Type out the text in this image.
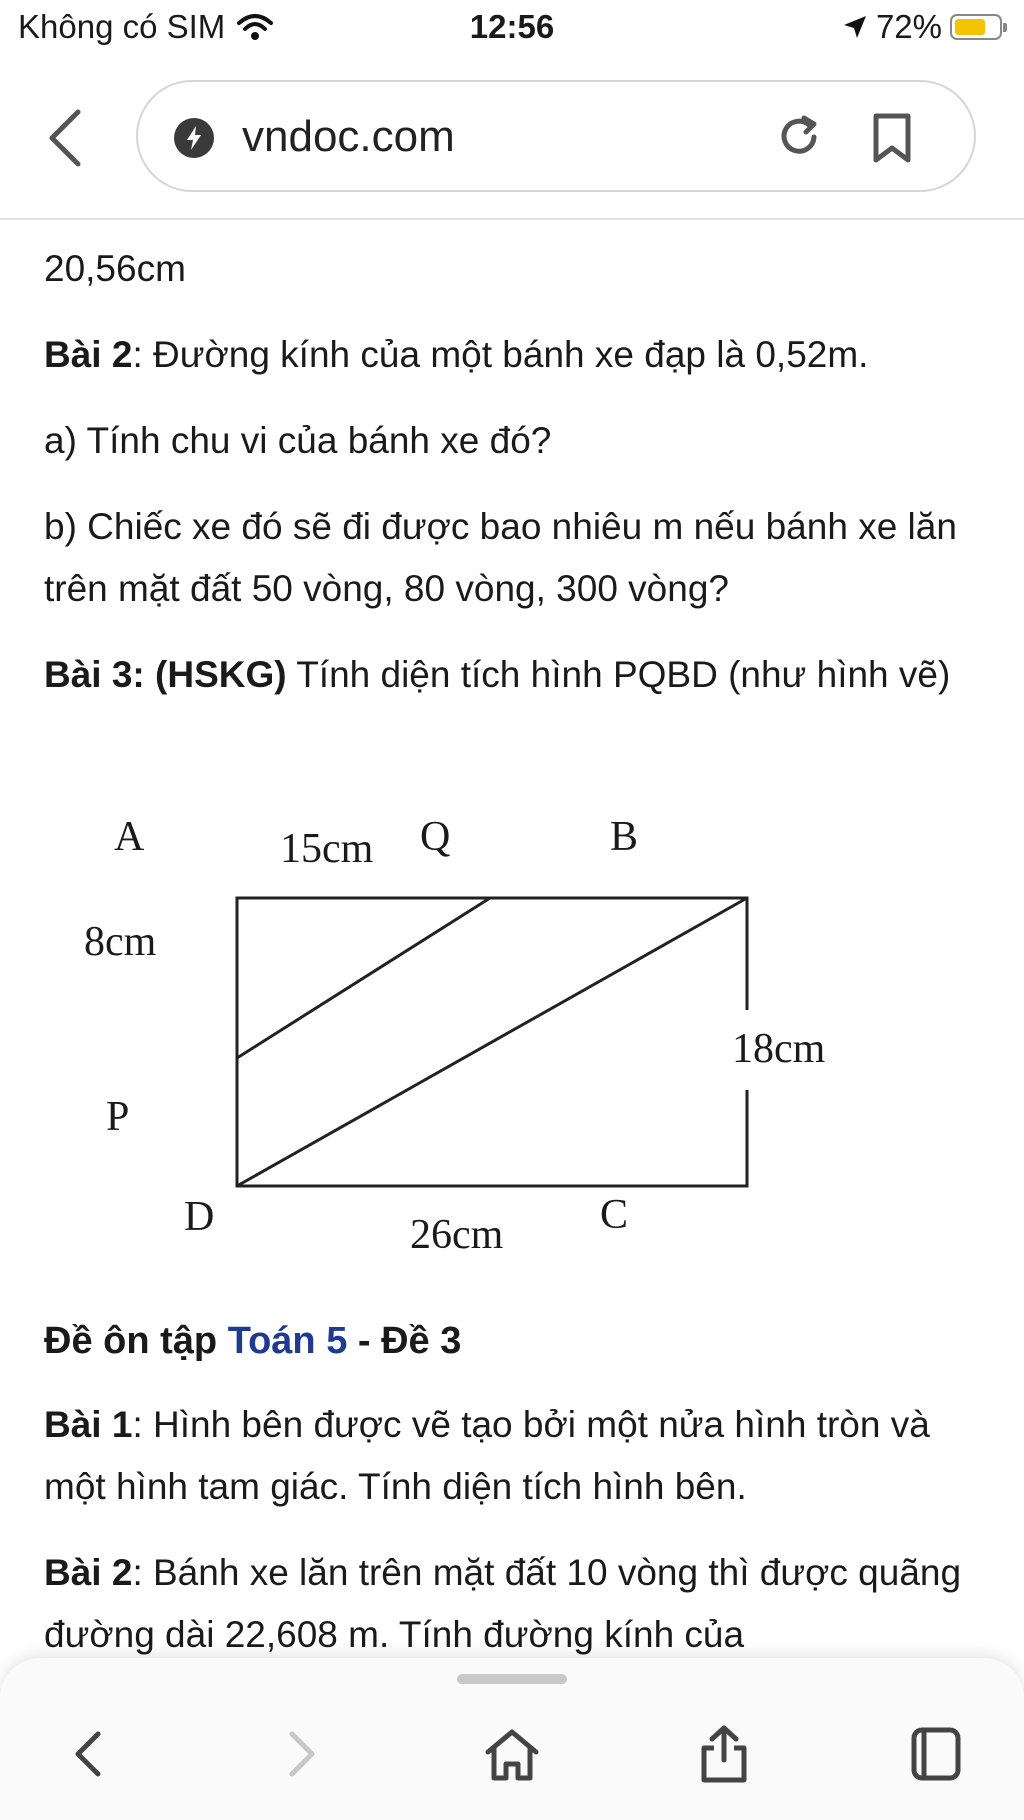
Không có SIM	12:56	72%
vndoc.com

20,56cm

Bài 2: Đường kính của một bánh xe đạp là 0,52m.

a) Tính chu vi của bánh xe đó?

b) Chiếc xe đó sẽ đi được bao nhiêu m nếu bánh xe lăn trên mặt đất 50 vòng, 80 vòng, 300 vòng?

Bài 3: (HSKG) Tính diện tích hình PQBD (như hình vẽ)

A	15cm Q	B
8cm
18cm
P
D	26cm C

Đề ôn tập Toán 5 - Đề 3

Bài 1: Hình bên được vẽ tạo bởi một nửa hình tròn và một hình tam giác. Tính diện tích hình bên.

Bài 2: Bánh xe lăn trên mặt đất 10 vòng thì được quãng đường dài 22,608 m. Tính đường kính của
